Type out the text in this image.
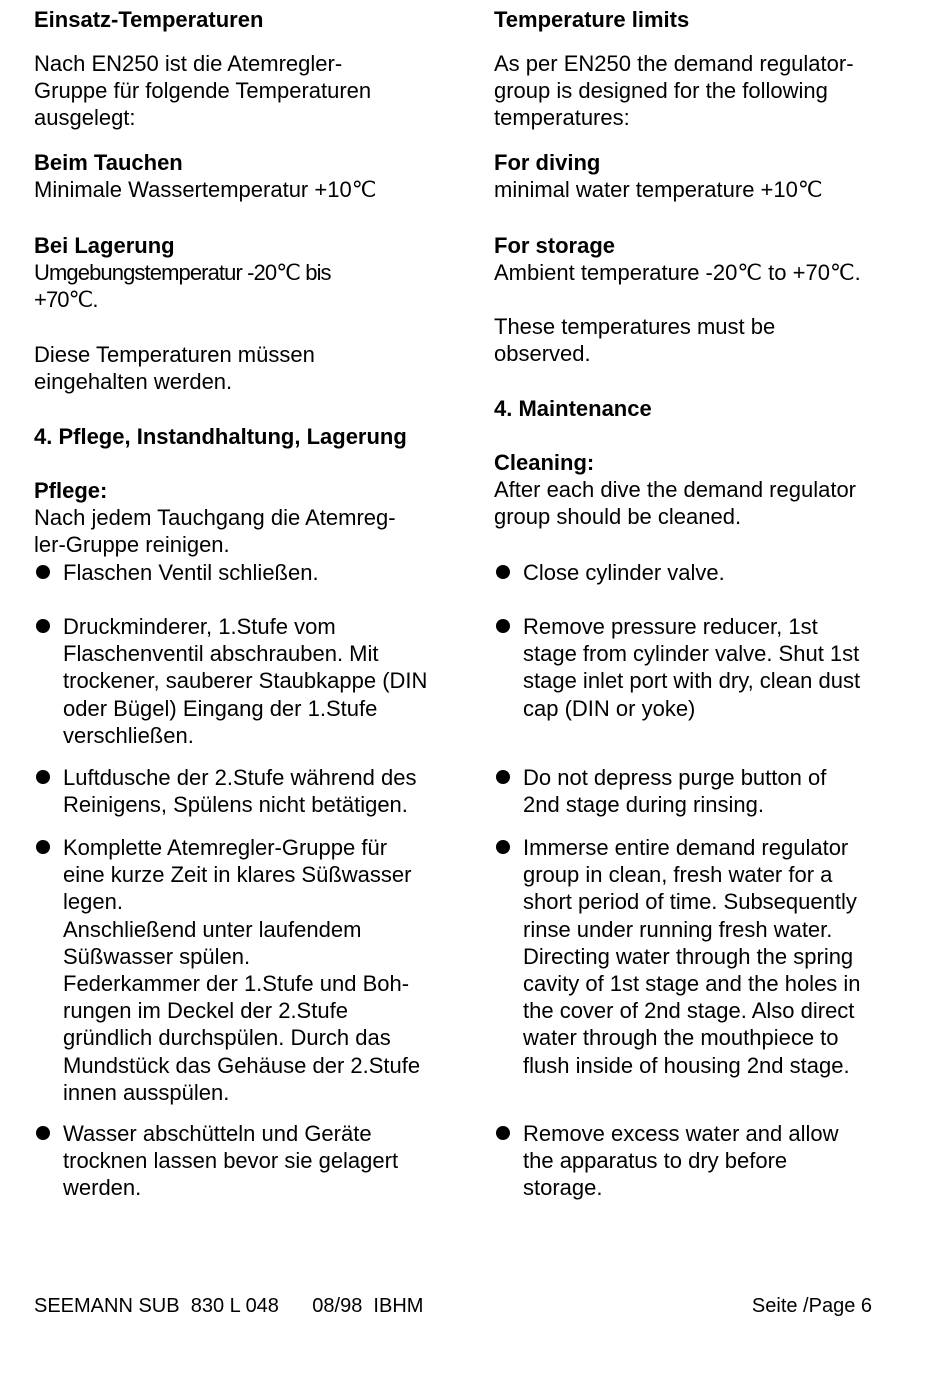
Einsatz-Temperaturen
Nach EN250 ist die Atemregler-
Gruppe für folgende Temperaturen
ausgelegt:
Beim Tauchen
Minimale Wassertemperatur +10℃
Bei Lagerung
Umgebungstemperatur -20℃ bis
+70℃.
Diese Temperaturen müssen
eingehalten werden.
4. Pflege, Instandhaltung, Lagerung
Pflege:
Nach jedem Tauchgang die Atemreg-
ler-Gruppe reinigen.
Flaschen Ventil schließen.
Druckminderer, 1.Stufe vom
Flaschenventil abschrauben. Mit
trockener, sauberer Staubkappe (DIN
oder Bügel) Eingang der 1.Stufe
verschließen.
Luftdusche der 2.Stufe während des
Reinigens, Spülens nicht betätigen.
Komplette Atemregler-Gruppe für
eine kurze Zeit in klares Süßwasser
legen.
Anschließend unter laufendem
Süßwasser spülen.
Federkammer der 1.Stufe und Boh-
rungen im Deckel der 2.Stufe
gründlich durchspülen. Durch das
Mundstück das Gehäuse der 2.Stufe
innen ausspülen.
Wasser abschütteln und Geräte
trocknen lassen bevor sie gelagert
werden.
Temperature limits
As per EN250 the demand regulator-
group is designed for the following
temperatures:
For diving
minimal water temperature +10℃
For storage
Ambient temperature -20℃ to +70℃.
These temperatures must be
observed.
4. Maintenance
Cleaning:
After each dive the demand regulator
group should be cleaned.
Close cylinder valve.
Remove pressure reducer, 1st
stage from cylinder valve. Shut 1st
stage inlet port with dry, clean dust
cap (DIN or yoke)
Do not depress purge button of
2nd stage during rinsing.
Immerse entire demand regulator
group in clean, fresh water for a
short period of time. Subsequently
rinse under running fresh water.
Directing water through the spring
cavity of 1st stage and the holes in
the cover of 2nd stage. Also direct
water through the mouthpiece to
flush inside of housing 2nd stage.
Remove excess water and allow
the apparatus to dry before
storage.
SEEMANN SUB  830 L 048      08/98  IBHM	Seite /Page 6
